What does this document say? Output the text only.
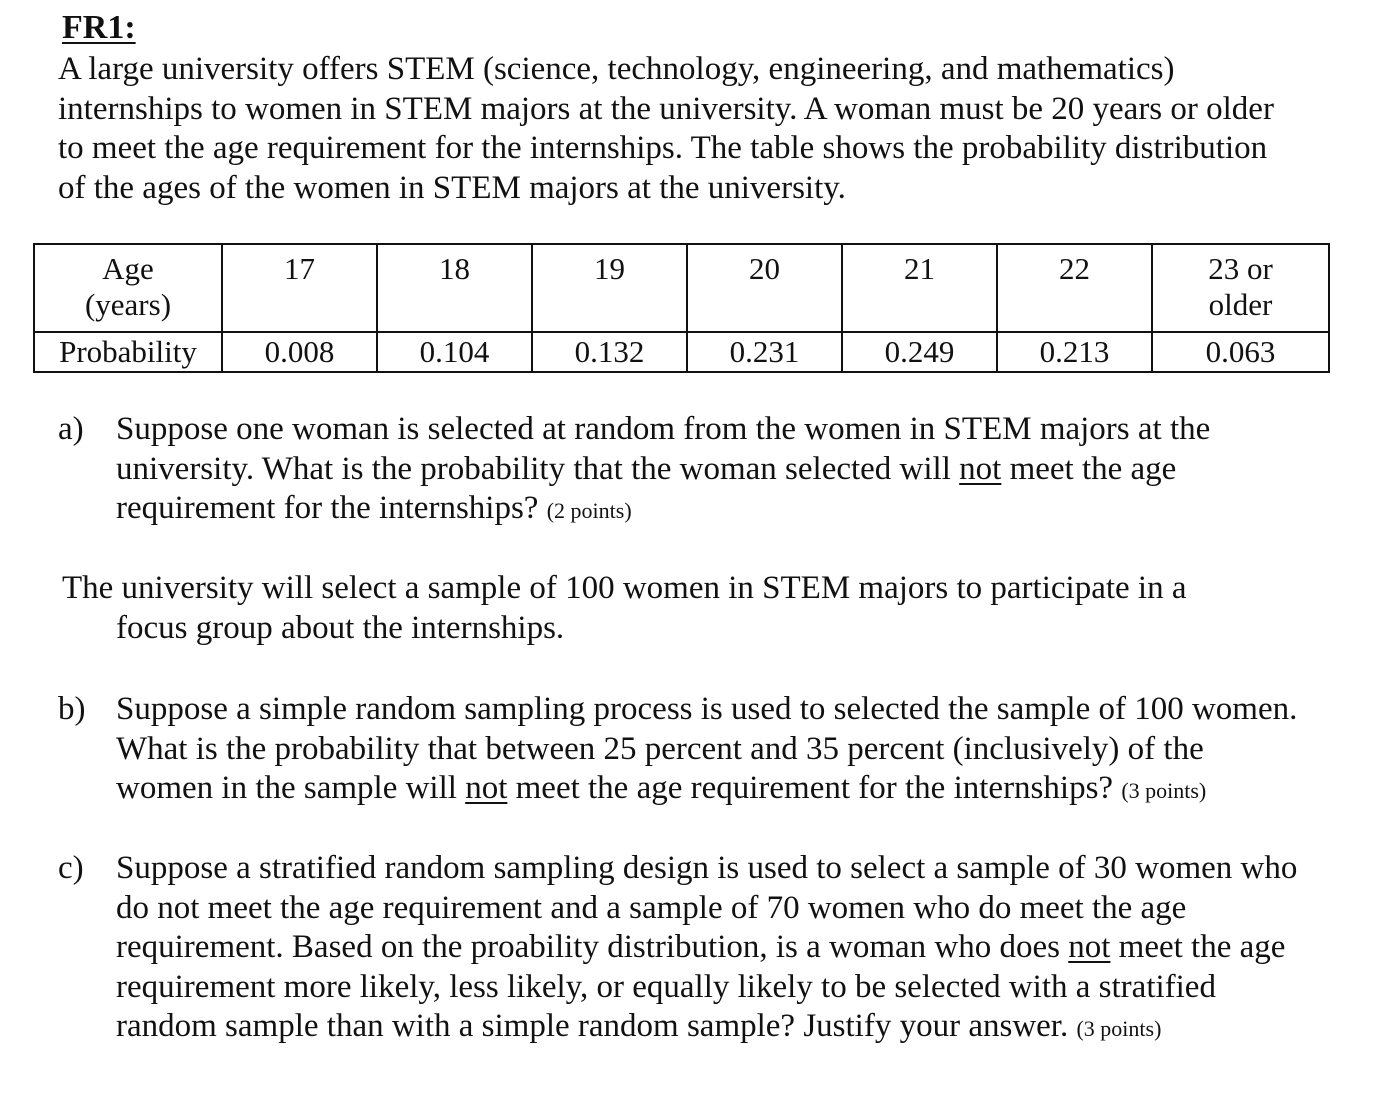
FR1:
A large university offers STEM (science, technology, engineering, and mathematics)
internships to women in STEM majors at the university. A woman must be 20 years or older
to meet the age requirement for the internships. The table shows the probability distribution
of the ages of the women in STEM majors at the university.
Age
(years)	17	18	19	20	21	22	23 or older
Probability	0.008	0.104	0.132	0.231	0.249	0.213	0.063
a) Suppose one woman is selected at random from the women in STEM majors at the
university. What is the probability that the woman selected will not meet the age
requirement for the internships? (2 points)
The university will select a sample of 100 women in STEM majors to participate in a
focus group about the internships.
b) Suppose a simple random sampling process is used to selected the sample of 100 women.
What is the probability that between 25 percent and 35 percent (inclusively) of the
women in the sample will not meet the age requirement for the internships? (3 points)
c) Suppose a stratified random sampling design is used to select a sample of 30 women who
do not meet the age requirement and a sample of 70 women who do meet the age
requirement. Based on the proability distribution, is a woman who does not meet the age
requirement more likely, less likely, or equally likely to be selected with a stratified
random sample than with a simple random sample? Justify your answer. (3 points)
